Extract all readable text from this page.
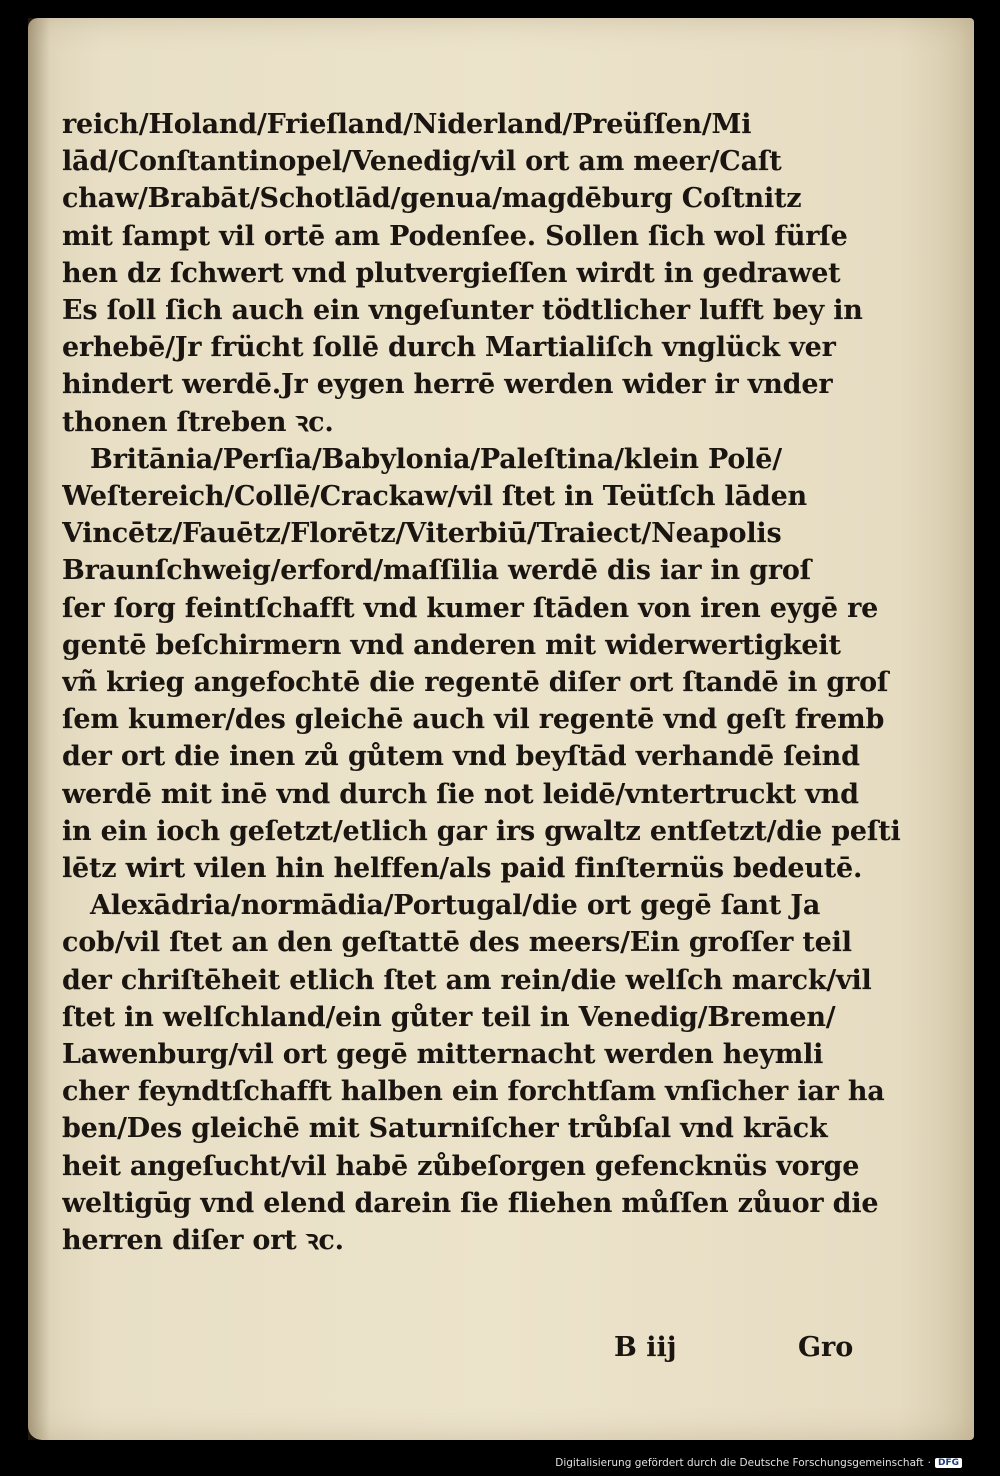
reich/Holand/Frieſland/Niderland/Preüſſen/Mi
lād/Conſtantinopel/Venedig/vil ort am meer/Caſt
chaw/Brabāt/Schotlād/genua/magdēburg Coſtnitz
mit ſampt vil ortē am Podenſee. Sollen ſich wol fürſe
hen dz ſchwert vnd plutvergieſſen wirdt in gedrawet
Es ſoll ſich auch ein vngeſunter tödtlicher lufft bey in
erhebē/Jr frücht ſollē durch Martialiſch vnglück ver
hindert werdē.Jr eygen herrē werden wider ir vnder
thonen ſtreben ꝛc.
Britānia/Perſia/Babylonia/Paleſtina/klein Polē/
Weſtereich/Collē/Crackaw/vil ſtet in Teütſch lāden
Vincētz/Fauētz/Florētz/Viterbiū/Traiect/Neapolis
Braunſchweig/erford/maſſilia werdē dis iar in groſ
ſer ſorg feintſchafft vnd kumer ſtāden von iren eygē re
gentē beſchirmern vnd anderen mit widerwertigkeit
vñ krieg angefochtē die regentē diſer ort ſtandē in groſ
ſem kumer/des gleichē auch vil regentē vnd geſt fremb
der ort die inen zů gůtem vnd beyſtād verhandē ſeind
werdē mit inē vnd durch ſie not leidē/vntertruckt vnd
in ein ioch geſetzt/etlich gar irs gwaltz entſetzt/die peſti
lētz wirt vilen hin helffen/als paid finſternüs bedeutē.
Alexādria/normādia/Portugal/die ort gegē ſant Ja
cob/vil ſtet an den geſtattē des meers/Ein groſſer teil
der chriſtēheit etlich ſtet am rein/die welſch marck/vil
ſtet in welſchland/ein gůter teil in Venedig/Bremen/
Lawenburg/vil ort gegē mitternacht werden heymli
cher feyndtſchafft halben ein forchtſam vnſicher iar ha
ben/Des gleichē mit Saturniſcher trůbſal vnd krāck
heit angeſucht/vil habē zůbeſorgen gefencknüs vorge
weltigūg vnd elend darein ſie fliehen můſſen zůuor die
herren diſer ort ꝛc.
B iij	Gro
Digitalisierung gefördert durch die Deutsche Forschungsgemeinschaft · DFG
